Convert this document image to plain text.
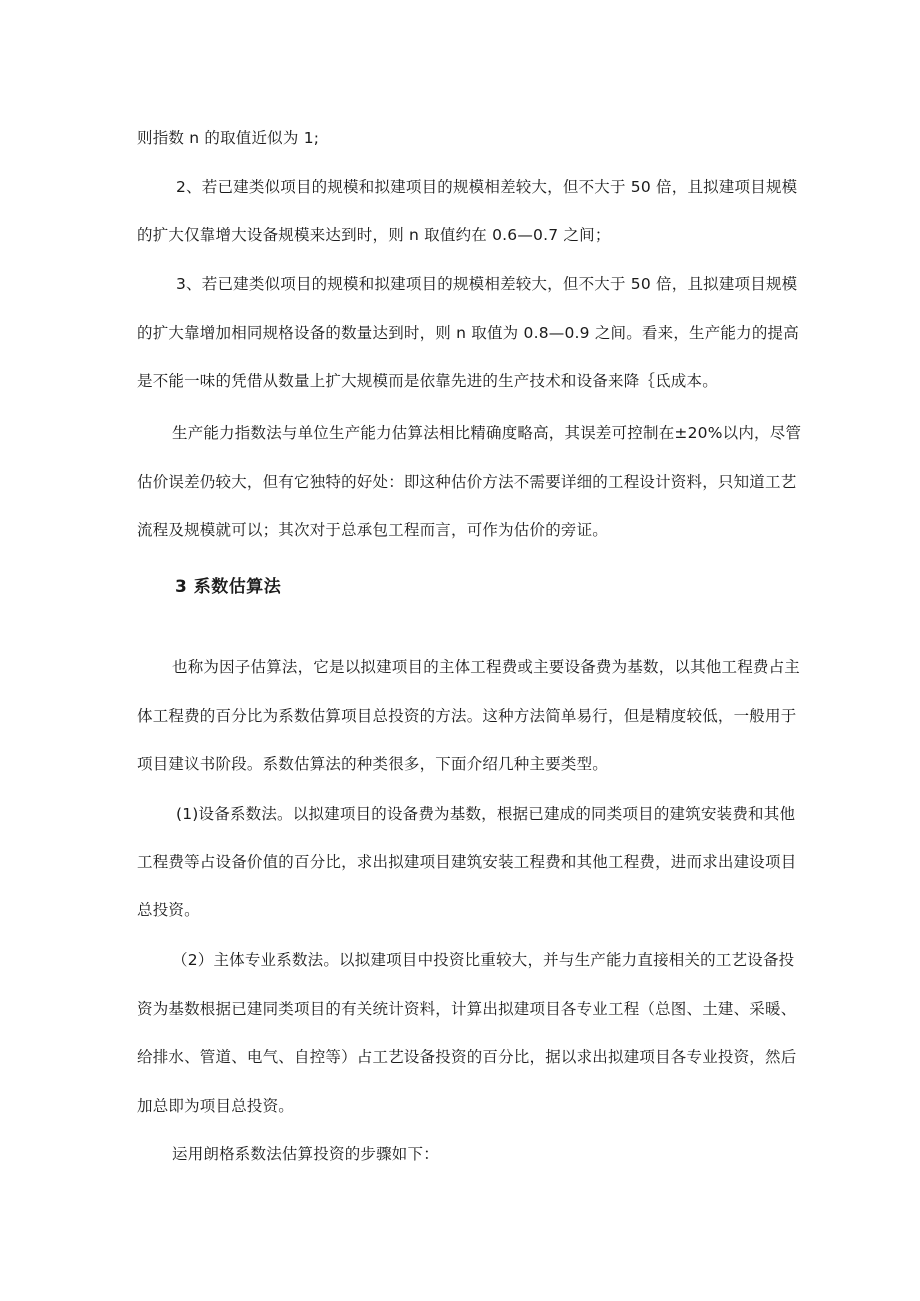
则指数 n 的取值近似为 1;
2、若已建类似项目的规模和拟建项目的规模相差较大，但不大于 50 倍，且拟建项目规模
的扩大仅靠增大设备规模来达到时，则 n 取值约在 0.6—0.7 之间；
3、若已建类似项目的规模和拟建项目的规模相差较大，但不大于 50 倍，且拟建项目规模
的扩大靠增加相同规格设备的数量达到时，则 n 取值为 0.8—0.9 之间。看来，生产能力的提高
是不能一味的凭借从数量上扩大规模而是依靠先进的生产技术和设备来降｛氐成本。
生产能力指数法与单位生产能力估算法相比精确度略高，其误差可控制在±20%以内，尽管
估价误差仍较大，但有它独特的好处：即这种估价方法不需要详细的工程设计资料，只知道工艺
流程及规模就可以；其次对于总承包工程而言，可作为估价的旁证。
3 系数估算法
也称为因子估算法，它是以拟建项目的主体工程费或主要设备费为基数，以其他工程费占主
体工程费的百分比为系数估算项目总投资的方法。这种方法简单易行，但是精度较低，一般用于
项目建议书阶段。系数估算法的种类很多，下面介绍几种主要类型。
(1)设备系数法。以拟建项目的设备费为基数，根据已建成的同类项目的建筑安装费和其他
工程费等占设备价值的百分比，求出拟建项目建筑安装工程费和其他工程费，进而求出建设项目
总投资。
（2）主体专业系数法。以拟建项目中投资比重较大，并与生产能力直接相关的工艺设备投
资为基数根据已建同类项目的有关统计资料，计算出拟建项目各专业工程（总图、土建、采暖、
给排水、管道、电气、自控等）占工艺设备投资的百分比，据以求出拟建项目各专业投资，然后
加总即为项目总投资。
运用朗格系数法估算投资的步骤如下：
